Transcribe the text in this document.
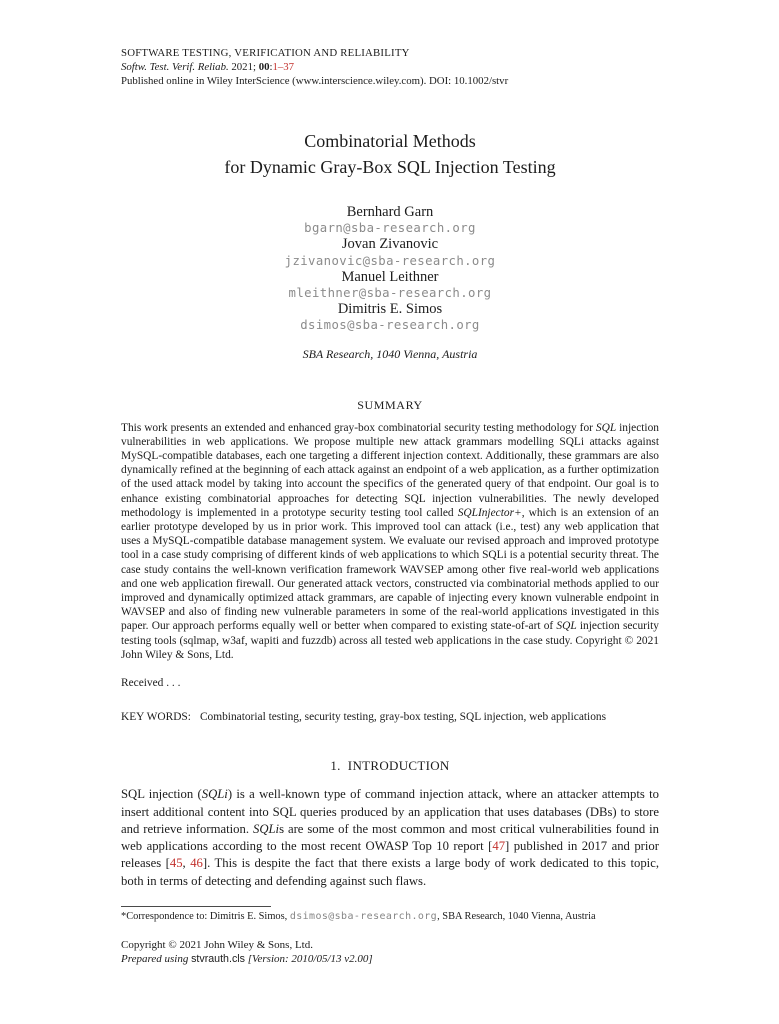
SOFTWARE TESTING, VERIFICATION AND RELIABILITY
Softw. Test. Verif. Reliab. 2021; 00:1–37
Published online in Wiley InterScience (www.interscience.wiley.com). DOI: 10.1002/stvr
Combinatorial Methods
for Dynamic Gray-Box SQL Injection Testing
Bernhard Garn
bgarn@sba-research.org
Jovan Zivanovic
jzivanovic@sba-research.org
Manuel Leithner
mleithner@sba-research.org
Dimitris E. Simos
dsimos@sba-research.org
SBA Research, 1040 Vienna, Austria
SUMMARY
This work presents an extended and enhanced gray-box combinatorial security testing methodology for SQL injection vulnerabilities in web applications. We propose multiple new attack grammars modelling SQLi attacks against MySQL-compatible databases, each one targeting a different injection context. Additionally, these grammars are also dynamically refined at the beginning of each attack against an endpoint of a web application, as a further optimization of the used attack model by taking into account the specifics of the generated query of that endpoint. Our goal is to enhance existing combinatorial approaches for detecting SQL injection vulnerabilities. The newly developed methodology is implemented in a prototype security testing tool called SQLInjector+, which is an extension of an earlier prototype developed by us in prior work. This improved tool can attack (i.e., test) any web application that uses a MySQL-compatible database management system. We evaluate our revised approach and improved prototype tool in a case study comprising of different kinds of web applications to which SQLi is a potential security threat. The case study contains the well-known verification framework WAVSEP among other five real-world web applications and one web application firewall. Our generated attack vectors, constructed via combinatorial methods applied to our improved and dynamically optimized attack grammars, are capable of injecting every known vulnerable endpoint in WAVSEP and also of finding new vulnerable parameters in some of the real-world applications investigated in this paper. Our approach performs equally well or better when compared to existing state-of-art of SQL injection security testing tools (sqlmap, w3af, wapiti and fuzzdb) across all tested web applications in the case study. Copyright © 2021 John Wiley & Sons, Ltd.
Received . . .
KEY WORDS: Combinatorial testing, security testing, gray-box testing, SQL injection, web applications
1.  INTRODUCTION
SQL injection (SQLi) is a well-known type of command injection attack, where an attacker attempts to insert additional content into SQL queries produced by an application that uses databases (DBs) to store and retrieve information. SQLis are some of the most common and most critical vulnerabilities found in web applications according to the most recent OWASP Top 10 report [47] published in 2017 and prior releases [45, 46]. This is despite the fact that there exists a large body of work dedicated to this topic, both in terms of detecting and defending against such flaws.
*Correspondence to: Dimitris E. Simos, dsimos@sba-research.org, SBA Research, 1040 Vienna, Austria
Copyright © 2021 John Wiley & Sons, Ltd.
Prepared using stvrauth.cls [Version: 2010/05/13 v2.00]
